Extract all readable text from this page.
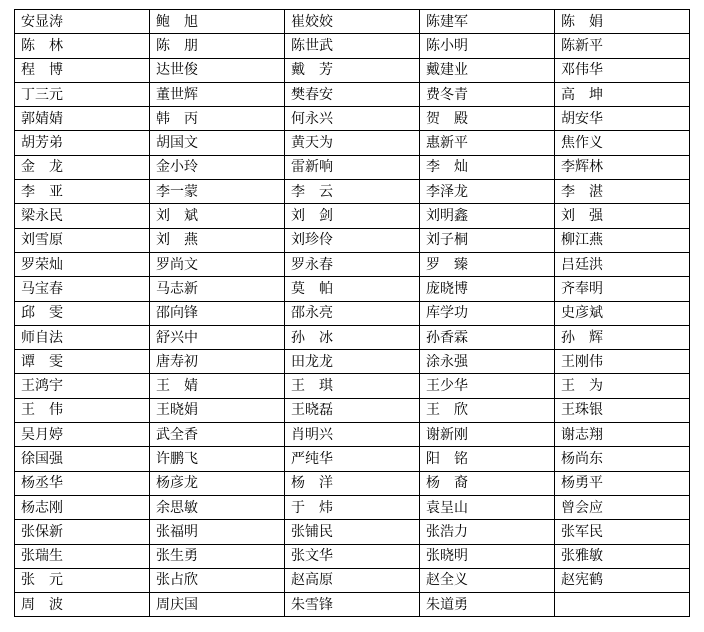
安显涛	鲍　旭	崔姣姣	陈建军	陈　娟
陈　林	陈　朋	陈世武	陈小明	陈新平
程　博	达世俊	戴　芳	戴建业	邓伟华
丁三元	董世辉	樊春安	费冬青	高　坤
郭婧婧	韩　丙	何永兴	贺　殿	胡安华
胡芳弟	胡国文	黄天为	惠新平	焦作义
金　龙	金小玲	雷新响	李　灿	李辉林
李　亚	李一蒙	李　云	李泽龙	李　湛
梁永民	刘　斌	刘　剑	刘明鑫	刘　强
刘雪原	刘　燕	刘珍伶	刘子桐	柳江燕
罗荣灿	罗尚文	罗永春	罗　臻	吕廷洪
马宝春	马志新	莫　帕	庞晓博	齐奉明
邱　雯	邵向锋	邵永亮	库学功	史彦斌
师自法	舒兴中	孙　冰	孙香霖	孙　辉
谭　雯	唐寿初	田龙龙	涂永强	王刚伟
王鸿宇	王　婧	王　琪	王少华	王　为
王　伟	王晓娟	王晓磊	王　欣	王珠银
吴月婷	武全香	肖明兴	谢新刚	谢志翔
徐国强	许鹏飞	严纯华	阳　铭	杨尚东
杨丞华	杨彦龙	杨　洋	杨　裔	杨勇平
杨志刚	余思敏	于　炜	袁呈山	曾会应
张保新	张福明	张铺民	张浩力	张军民
张瑞生	张生勇	张文华	张晓明	张雅敏
张　元	张占欣	赵高原	赵全义	赵宪鹤
周　波	周庆国	朱雪锋	朱道勇	
